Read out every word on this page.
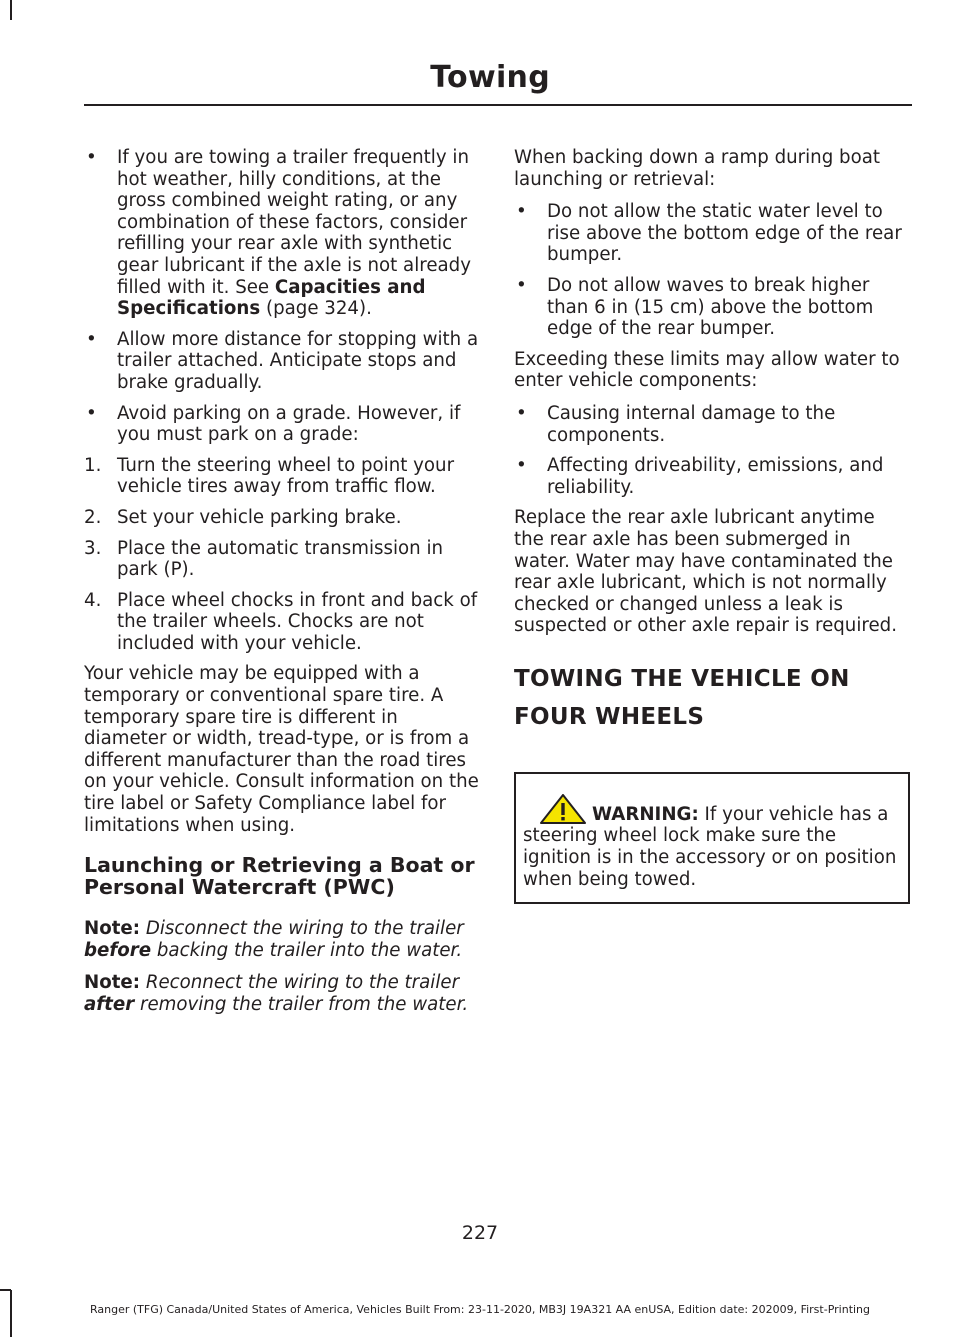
Towing
• If you are towing a trailer frequently in hot weather, hilly conditions, at the gross combined weight rating, or any combination of these factors, consider refilling your rear axle with synthetic gear lubricant if the axle is not already filled with it. See Capacities and Specifications (page 324).
• Allow more distance for stopping with a trailer attached. Anticipate stops and brake gradually.
• Avoid parking on a grade. However, if you must park on a grade:
1. Turn the steering wheel to point your vehicle tires away from traffic flow.
2. Set your vehicle parking brake.
3. Place the automatic transmission in park (P).
4. Place wheel chocks in front and back of the trailer wheels. Chocks are not included with your vehicle.

Your vehicle may be equipped with a temporary or conventional spare tire. A temporary spare tire is different in diameter or width, tread-type, or is from a different manufacturer than the road tires on your vehicle. Consult information on the tire label or Safety Compliance label for limitations when using.

Launching or Retrieving a Boat or Personal Watercraft (PWC)

Note: Disconnect the wiring to the trailer before backing the trailer into the water.

Note: Reconnect the wiring to the trailer after removing the trailer from the water.

When backing down a ramp during boat launching or retrieval:

• Do not allow the static water level to rise above the bottom edge of the rear bumper.
• Do not allow waves to break higher than 6 in (15 cm) above the bottom edge of the rear bumper.

Exceeding these limits may allow water to enter vehicle components:

• Causing internal damage to the components.
• Affecting driveability, emissions, and reliability.

Replace the rear axle lubricant anytime the rear axle has been submerged in water. Water may have contaminated the rear axle lubricant, which is not normally checked or changed unless a leak is suspected or other axle repair is required.

TOWING THE VEHICLE ON
FOUR WHEELS
WARNING: If your vehicle has a steering wheel lock make sure the ignition is in the accessory or on position when being towed.
227
Ranger (TFG) Canada/United States of America, Vehicles Built From: 23-11-2020, MB3J 19A321 AA enUSA, Edition date: 202009, First-Printing
